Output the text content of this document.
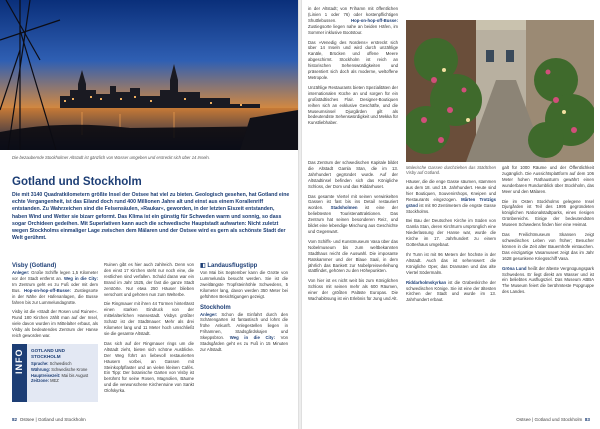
Die bezaubernde Stockholmer Altstadt ist gänzlich von Wasser umgeben und erstreckt sich über 14 Inseln.
Gotland und Stockholm
Die mit 3140 Quadratkilometern größte Insel der Ostsee hat viel zu bieten. Geologisch gesehen, hat Gotland eine echte Vergangenheit, ist das Eiland doch rund 400 Millionen Jahre alt und einst aus einem Korallenriff entstanden. Zu Wahrzeichen sind die Felsensäulen, »Raukar«, geworden, in der letzten Eiszeit entstanden, haben Wind und Wetter sie bizarr geformt. Das Klima ist ein günstig für Schweden warm und sonnig, so dass sogar Orchideen gedeihen. Mit Superlativen kann auch die schwedische Hauptstadt aufwarten: Nicht zuletzt wegen Stockholms einmaliger Lage zwischen dem Mälaren und der Ostsee wird es gern als schönste Stadt der Welt gerühmt.
Visby (Gotland)
Anleger: Große Schiffe legen 1,5 Kilometer vor der Stadt entfernt an. Weg in die City: Im Zentrum geht es zu Fuß oder mit dem Bus. Hop-on-hop-off-Busse: Zustiegsorte in der Nähe der Hafenanlagen, die Busse fahren bis zur Lummelundagrotte.
Visby ist die »Stadt der Rosen und Ruinen«. Rund 180 Kirchen zählt man auf der Insel, viele davon wurden im Mittelalter erbaut, als Visby als bedeutendes Zentrum der Hanse reich geworden war.
INFO GOTLAND UND STOCKHOLM
Sprache: Schwedisch
Währung: Schwedische Krone
Hauptreisezeit: Mai bis August
Zeitzone: MEZ
Ruinen gibt es hier auch zahlreich. Denn von den einst 17 Kirchen steht nur noch eine, die restlichen sind verfallen. Schuld daran war ein Brand im Jahr 1525, der fast die ganze Stadt zerstörte. Nur etwa 250 Häuser blieben verschont und gehören nun zum Welterbe.
Die Ringmauer mit ihren 44 Türmen hinterlässt einen starken Eindruck von der mittelalterlichen Hansestadt. Visbys größter Schatz ist der Stadtmauer: Mehr als drei Kilometer lang und 11 Meter hoch umschließt sie die gesamte Altstadt.
Das sich auf der Ringmauer rings um die Altstadt zieht, bieten sich schöne Ausblicke. Der Weg führt an liebevoll restaurierten Häusern vorbei, an Gassen mit Steinkopfpflaster und an vielen kleinen Cafés. Ein Tipp: Der botanische Garten von Visby ist berühmt für seine Rosen, Magnolien, Bäume und die verwunschene Kirchenruine von Sankt Olofskyrka.
◧ Landausflugstipp
Von Mai bis September kann die Grotte von Lummelunda besucht werden. Sie ist die zweitlängste Tropfsteinhöhle Schwedens, 5 Kilometer lang, davon werden 350 Meter bei geführten Besichtigungen gezeigt.
Stockholm
Anleger: Schon die Einfahrt durch den Schärengarten ist fantastisch und lohnt die frühe Ankunft. Anlegestellen liegen in Frihamnen, Stadsgårdskajen und Skeppsbron. Weg in die City: Von Stadsgården geht es zu Fuß in 15 Minuten zur Altstadt.
82 Ostsee | Gotland und Stockholm
in der Altstadt; von Frihamn mit öffentlichen (Linien 1 oder 76) oder kostenpflichtigen Shuttlebussen.	Hop-on-hop-off-Busse: Zustiegsorte liegen nahe an beiden Häfen, im Sommer inklusive Bootstour.
Das »Venedig des Nordens« erstreckt sich über 14 Inseln und wird durch unzählige Kanäle, Brücken und offene Meere abgeschirmt. Stockholm ist reich an historischen Sehenswürdigkeiten und präsentiert sich doch als moderne, weltoffene Metropole.
Unzählige Restaurants bieten Spezialitäten der internationalen Küche an und sorgen für ein großstädtisches Flair. Designer-Boutiquen reihen sich an exklusive Geschäfte, und die Museumsinsel Djurgården gilt als bedeutendste Sehenswürdigkeit und Mekka für Kunstliebhaber.
Malerische Gassen durchziehen das Städtchen Visby auf Gotland.
Häuser, die die enge Gasse säumen, stammen aus dem 18. und 19. Jahrhundert. Heute sind hier Boutiquen, Souvenirshops, Kneipen und Restaurants eingezogen. Mårten Trotzigs gränd ist mit 90 Zentimetern die engste Gasse Stockholms.
Bei Bau der Deutschen Kirche im Süden von Gamla Stan, deren Kirchturm ursprünglich eine Niederlassung der Hanse war, wurde die Kirche im 17. Jahrhundert zu einem Gotteshaus umgebaut.
Ihr Turm ist mit 96 Metern der höchste in der Altstadt. Auch das ist sehenswert: die Königliche Oper, das Dramaten und das alte Viertel Södermalm.
Riddarholmskyrkan ist die Grabeskirche der schwedischen Könige. Sie ist eine der ältesten Kirchen der Stadt und wurde im 13. Jahrhundert erbaut.
Das Zentrum der schwedischen Kapitale bildet die Altstadt Gamla Stan, die im 13. Jahrhundert gegründet wurde. Auf der Altstadtinsel befinden sich das Königliche Schloss, der Dom und das Riddarhuset.
Das gesamte Viertel mit seinen verwinkelten Gassen ist fast bis ins Detail restauriert worden. Stadsholmen ist eine der beliebtesten Touristenattraktionen. Das Zentrum hat seinen besonderen Reiz, und bildet eine lebendige Mischung aus Geschichte und Gegenwart.
Vom Schiffs- und Kunstmuseum Vasa über das Nobelmuseum bis zum weltbekannten Stadthaus reicht die Auswahl. Die imposante Ratskammer und der Blaue Saal, in dem jährlich das Bankett zur Nobelpreisverleihung stattfindet, gehören zu den Höhepunkten.
Von hier ist es nicht weit bis zum Königlichen Schloss mit seinen mehr als 600 Räumen, einer der größten Paläste Europas. Die Wachablösung ist ein Erlebnis für Jung und Alt.
galt für 1000 Räume und der Öffentlichkeit zugänglich. Die Aussichtsplattform auf dem 106 Meter hohen Rathausturm gewährt einen wunderbaren Rundumblick über Stockholm, das Meer und den Mälaren.
Die im Osten Stockholms gelegene Insel Djurgården ist Teil des 1995 gegründeten königlichen Nationalstadtparks, eines riesigen Grünbereichs. Einige der bedeutendsten Museen Schwedens finden hier eine Heimat.
Das Freilichtmuseum Skansen zeigt schwedisches Leben von früher; Besucher können in die Zeit alter Bauernhöfe eintauchen. Das einzigartige Vasamuseet zeigt das im Jahr 1628 gesunkene Kriegsschiff Vasa.
Gröna Lund heißt der älteste Vergnügungspark Schwedens. Er liegt direkt am Wasser und ist ein beliebtes Ausflugsziel. Das Museum ABBA The Museum feiert die berühmteste Popgruppe des Landes.
Ostsee | Gotland und Stockholm 83
